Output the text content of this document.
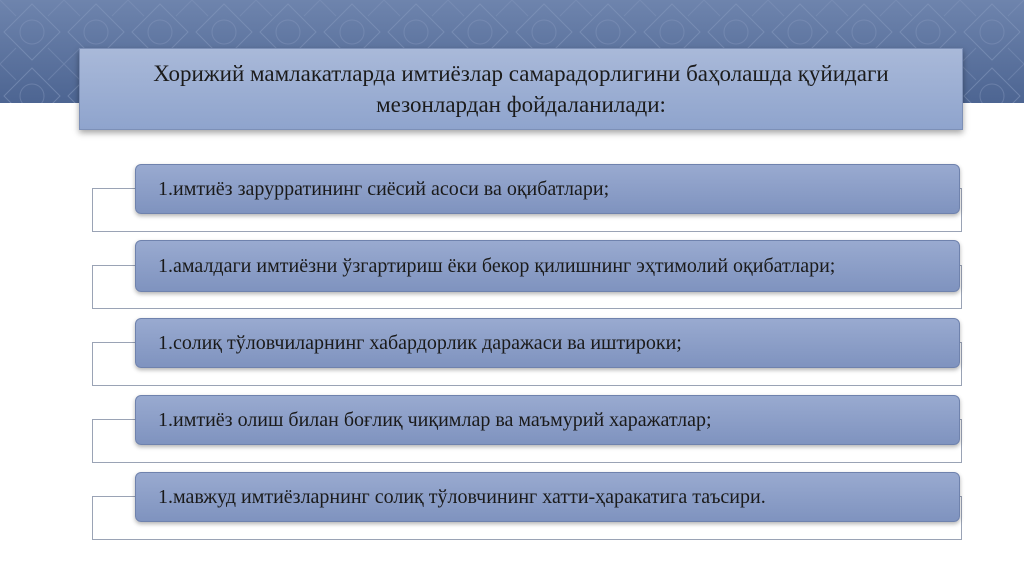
Хорижий мамлакатларда имтиёзлар самарадорлигини баҳолашда қуйидаги мезонлардан фойдаланилади:
1.имтиёз зарурратининг сиёсий асоси ва оқибатлари;
1.амалдаги имтиёзни ўзгартириш ёки бекор қилишнинг эҳтимолий оқибатлари;
1.солиқ тўловчиларнинг хабардорлик даражаси ва иштироки;
1.имтиёз олиш билан боғлиқ чиқимлар ва маъмурий харажатлар;
1.мавжуд имтиёзларнинг солиқ тўловчининг хатти-ҳаракатига таъсири.
